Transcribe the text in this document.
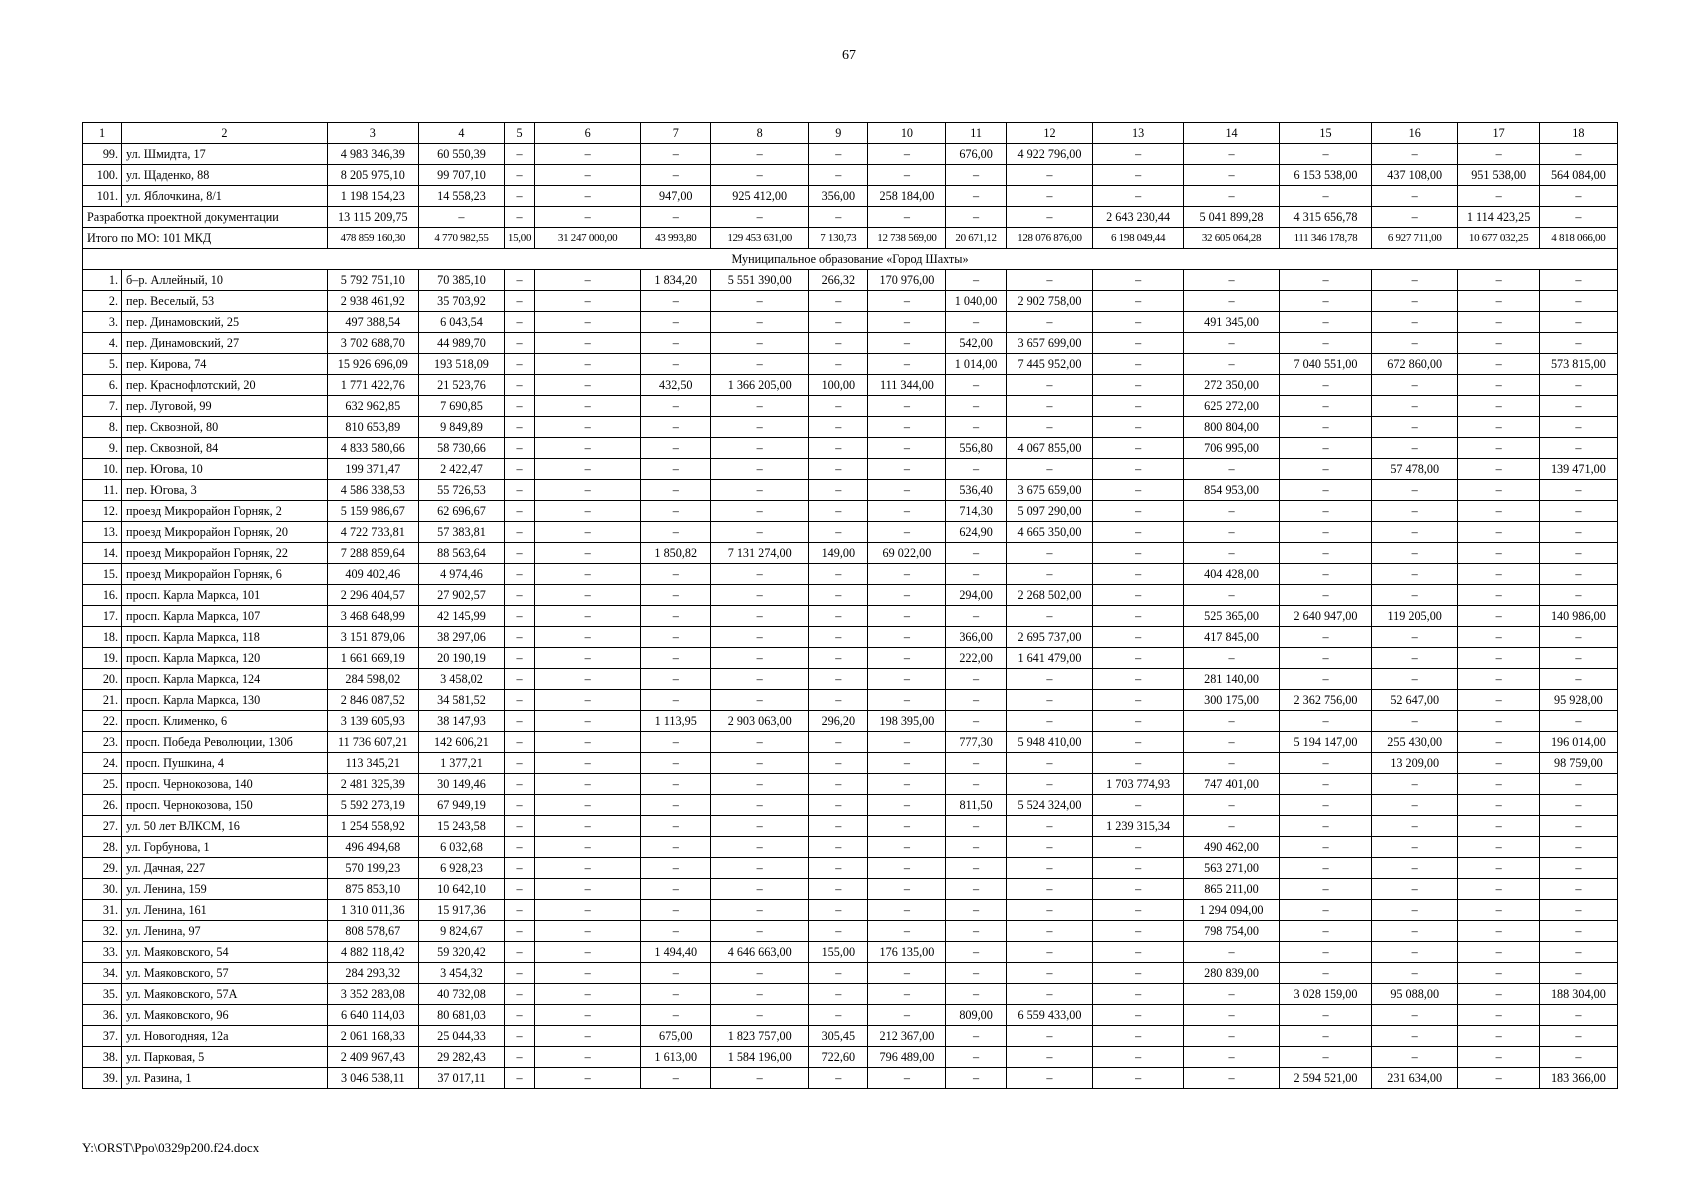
67
1	2	3	4	5	6	7	8	9	10	11	12	13	14	15	16	17	18
99.	ул. Шмидта, 17	4 983 346,39	60 550,39	–	–	–	–	–	–	676,00	4 922 796,00	–	–	–	–	–	–
100.	ул. Щаденко, 88	8 205 975,10	99 707,10	–	–	–	–	–	–	–	–	–	–	6 153 538,00	437 108,00	951 538,00	564 084,00
101.	ул. Яблочкина, 8/1	1 198 154,23	14 558,23	–	–	947,00	925 412,00	356,00	258 184,00	–	–	–	–	–	–	–	–
Разработка проектной документации		13 115 209,75	–	–	–	–	–	–	–	–	–	2 643 230,44	5 041 899,28	4 315 656,78	–	1 114 423,25	–
Итого по МО: 101 МКД		478 859 160,30	4 770 982,55	15,00	31 247 000,00	43 993,80	129 453 631,00	7 130,73	12 738 569,00	20 671,12	128 076 876,00	6 198 049,44	32 605 064,28	111 346 178,78	6 927 711,00	10 677 032,25	4 818 066,00
Муниципальное образование «Город Шахты»																	
1.	б–р. Аллейный, 10	5 792 751,10	70 385,10	–	–	1 834,20	5 551 390,00	266,32	170 976,00	–	–	–	–	–	–	–	–
2.	пер. Веселый, 53	2 938 461,92	35 703,92	–	–	–	–	–	–	1 040,00	2 902 758,00	–	–	–	–	–	–
3.	пер. Динамовский, 25	497 388,54	6 043,54	–	–	–	–	–	–	–	–	–	491 345,00	–	–	–	–
4.	пер. Динамовский, 27	3 702 688,70	44 989,70	–	–	–	–	–	–	542,00	3 657 699,00	–	–	–	–	–	–
5.	пер. Кирова, 74	15 926 696,09	193 518,09	–	–	–	–	–	–	1 014,00	7 445 952,00	–	–	7 040 551,00	672 860,00	–	573 815,00
6.	пер. Краснофлотский, 20	1 771 422,76	21 523,76	–	–	432,50	1 366 205,00	100,00	111 344,00	–	–	–	272 350,00	–	–	–	–
7.	пер. Луговой, 99	632 962,85	7 690,85	–	–	–	–	–	–	–	–	–	625 272,00	–	–	–	–
8.	пер. Сквозной, 80	810 653,89	9 849,89	–	–	–	–	–	–	–	–	–	800 804,00	–	–	–	–
9.	пер. Сквозной, 84	4 833 580,66	58 730,66	–	–	–	–	–	–	556,80	4 067 855,00	–	706 995,00	–	–	–	–
10.	пер. Югова, 10	199 371,47	2 422,47	–	–	–	–	–	–	–	–	–	–	–	57 478,00	–	139 471,00
11.	пер. Югова, 3	4 586 338,53	55 726,53	–	–	–	–	–	–	536,40	3 675 659,00	–	854 953,00	–	–	–	–
12.	проезд Микрорайон Горняк, 2	5 159 986,67	62 696,67	–	–	–	–	–	–	714,30	5 097 290,00	–	–	–	–	–	–
13.	проезд Микрорайон Горняк, 20	4 722 733,81	57 383,81	–	–	–	–	–	–	624,90	4 665 350,00	–	–	–	–	–	–
14.	проезд Микрорайон Горняк, 22	7 288 859,64	88 563,64	–	–	1 850,82	7 131 274,00	149,00	69 022,00	–	–	–	–	–	–	–	–
15.	проезд Микрорайон Горняк, 6	409 402,46	4 974,46	–	–	–	–	–	–	–	–	–	404 428,00	–	–	–	–
16.	просп. Карла Маркса, 101	2 296 404,57	27 902,57	–	–	–	–	–	–	294,00	2 268 502,00	–	–	–	–	–	–
17.	просп. Карла Маркса, 107	3 468 648,99	42 145,99	–	–	–	–	–	–	–	–	–	525 365,00	2 640 947,00	119 205,00	–	140 986,00
18.	просп. Карла Маркса, 118	3 151 879,06	38 297,06	–	–	–	–	–	–	366,00	2 695 737,00	–	417 845,00	–	–	–	–
19.	просп. Карла Маркса, 120	1 661 669,19	20 190,19	–	–	–	–	–	–	222,00	1 641 479,00	–	–	–	–	–	–
20.	просп. Карла Маркса, 124	284 598,02	3 458,02	–	–	–	–	–	–	–	–	–	281 140,00	–	–	–	–
21.	просп. Карла Маркса, 130	2 846 087,52	34 581,52	–	–	–	–	–	–	–	–	–	300 175,00	2 362 756,00	52 647,00	–	95 928,00
22.	просп. Клименко, 6	3 139 605,93	38 147,93	–	–	1 113,95	2 903 063,00	296,20	198 395,00	–	–	–	–	–	–	–	–
23.	просп. Победа Революции, 130б	11 736 607,21	142 606,21	–	–	–	–	–	–	777,30	5 948 410,00	–	–	5 194 147,00	255 430,00	–	196 014,00
24.	просп. Пушкина, 4	113 345,21	1 377,21	–	–	–	–	–	–	–	–	–	–	–	13 209,00	–	98 759,00
25.	просп. Чернокозова, 140	2 481 325,39	30 149,46	–	–	–	–	–	–	–	–	1 703 774,93	747 401,00	–	–	–	–
26.	просп. Чернокозова, 150	5 592 273,19	67 949,19	–	–	–	–	–	–	811,50	5 524 324,00	–	–	–	–	–	–
27.	ул. 50 лет ВЛКСМ, 16	1 254 558,92	15 243,58	–	–	–	–	–	–	–	–	1 239 315,34	–	–	–	–	–
28.	ул. Горбунова, 1	496 494,68	6 032,68	–	–	–	–	–	–	–	–	–	490 462,00	–	–	–	–
29.	ул. Дачная, 227	570 199,23	6 928,23	–	–	–	–	–	–	–	–	–	563 271,00	–	–	–	–
30.	ул. Ленина, 159	875 853,10	10 642,10	–	–	–	–	–	–	–	–	–	865 211,00	–	–	–	–
31.	ул. Ленина, 161	1 310 011,36	15 917,36	–	–	–	–	–	–	–	–	–	1 294 094,00	–	–	–	–
32.	ул. Ленина, 97	808 578,67	9 824,67	–	–	–	–	–	–	–	–	–	798 754,00	–	–	–	–
33.	ул. Маяковского, 54	4 882 118,42	59 320,42	–	–	1 494,40	4 646 663,00	155,00	176 135,00	–	–	–	–	–	–	–	–
34.	ул. Маяковского, 57	284 293,32	3 454,32	–	–	–	–	–	–	–	–	–	280 839,00	–	–	–	–
35.	ул. Маяковского, 57А	3 352 283,08	40 732,08	–	–	–	–	–	–	–	–	–	–	3 028 159,00	95 088,00	–	188 304,00
36.	ул. Маяковского, 96	6 640 114,03	80 681,03	–	–	–	–	–	–	809,00	6 559 433,00	–	–	–	–	–	–
37.	ул. Новогодняя, 12а	2 061 168,33	25 044,33	–	–	675,00	1 823 757,00	305,45	212 367,00	–	–	–	–	–	–	–	–
38.	ул. Парковая, 5	2 409 967,43	29 282,43	–	–	1 613,00	1 584 196,00	722,60	796 489,00	–	–	–	–	–	–	–	–
39.	ул. Разина, 1	3 046 538,11	37 017,11	–	–	–	–	–	–	–	–	–	–	2 594 521,00	231 634,00	–	183 366,00
Y:\ORST\Ppo\0329p200.f24.docx
